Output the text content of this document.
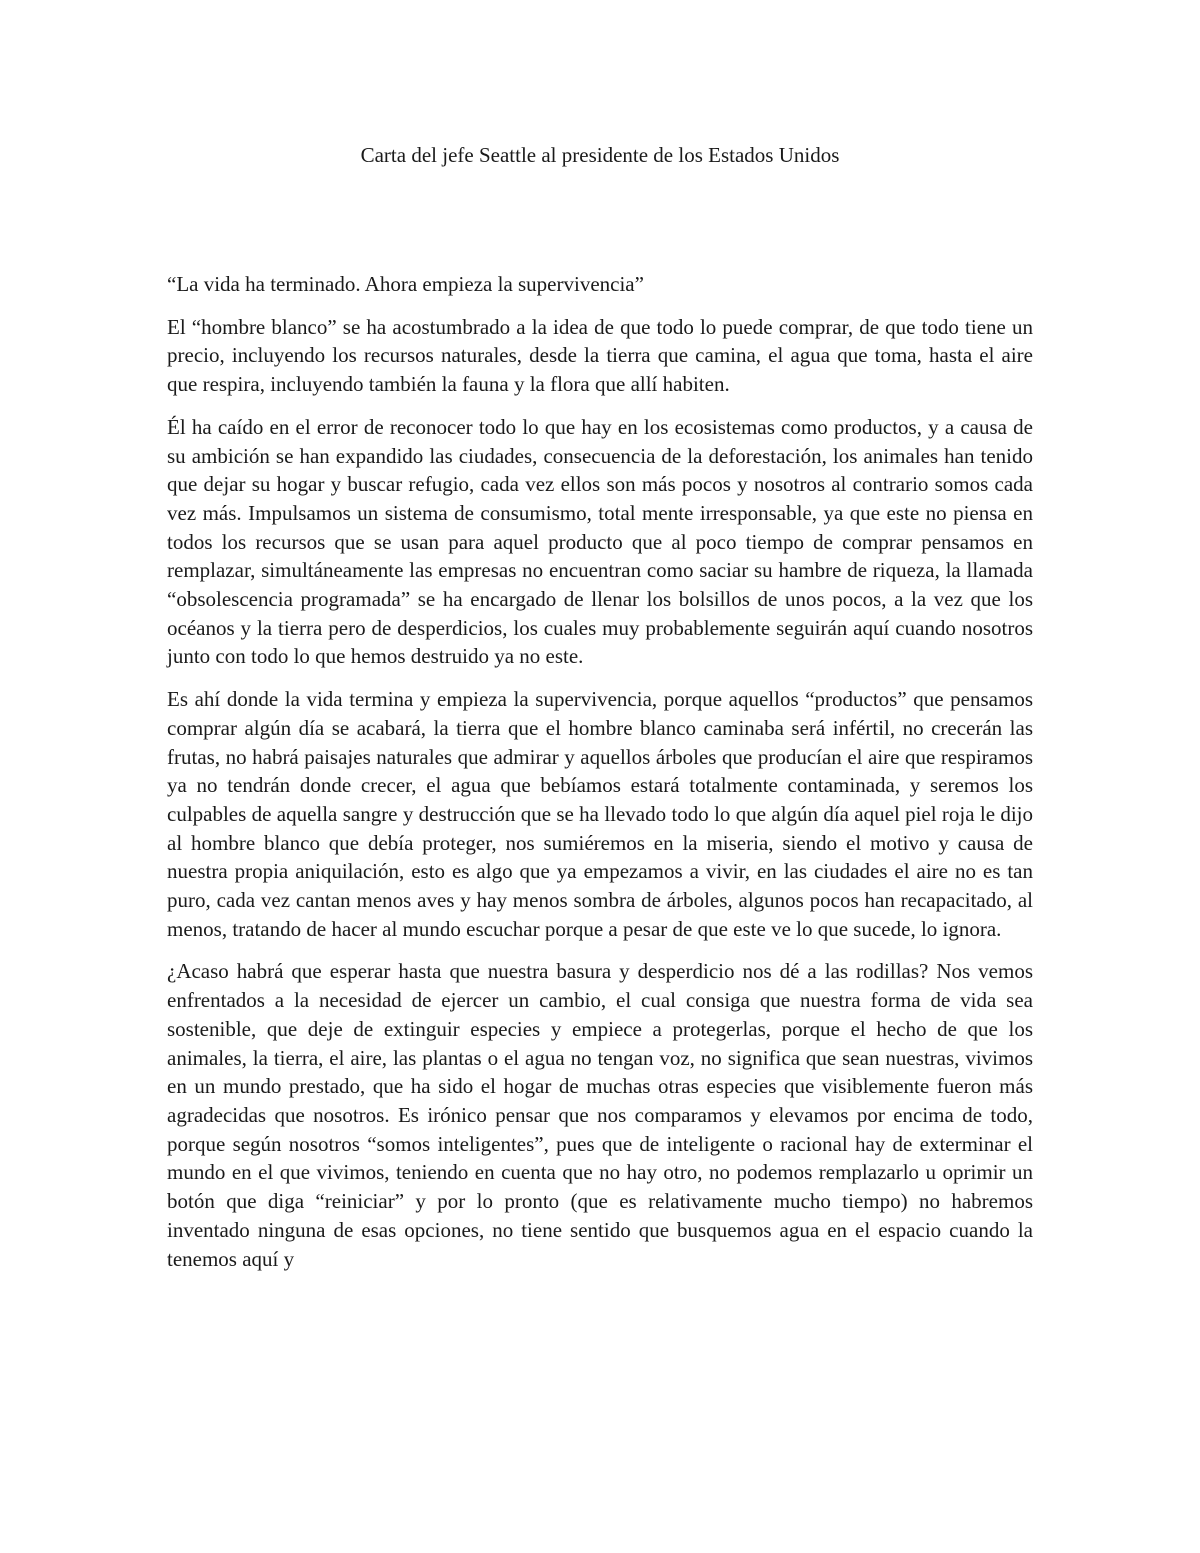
Carta del jefe Seattle al presidente de los Estados Unidos

“La vida ha terminado. Ahora empieza la supervivencia”

El “hombre blanco” se ha acostumbrado a la idea de que todo lo puede comprar, de que todo tiene un precio, incluyendo los recursos naturales, desde la tierra que camina, el agua que toma, hasta el aire que respira, incluyendo también la fauna y la flora que allí habiten.

Él ha caído en el error de reconocer todo lo que hay en los ecosistemas como productos, y a causa de su ambición se han expandido las ciudades, consecuencia de la deforestación, los animales han tenido que dejar su hogar y buscar refugio, cada vez ellos son más pocos y nosotros al contrario somos cada vez más. Impulsamos un sistema de consumismo, total mente irresponsable, ya que este no piensa en todos los recursos que se usan para aquel producto que al poco tiempo de comprar pensamos en remplazar, simultáneamente las empresas no encuentran como saciar su hambre de riqueza, la llamada “obsolescencia programada” se ha encargado de llenar los bolsillos de unos pocos, a la vez que los océanos y la tierra pero de desperdicios, los cuales muy probablemente seguirán aquí cuando nosotros junto con todo lo que hemos destruido ya no este.

Es ahí donde la vida termina y empieza la supervivencia, porque aquellos “productos” que pensamos comprar algún día se acabará, la tierra que el hombre blanco caminaba será infértil, no crecerán las frutas, no habrá paisajes naturales que admirar y aquellos árboles que producían el aire que respiramos ya no tendrán donde crecer, el agua que bebíamos estará totalmente contaminada, y seremos los culpables de aquella sangre y destrucción que se ha llevado todo lo que algún día aquel piel roja le dijo al hombre blanco que debía proteger, nos sumiéremos en la miseria, siendo el motivo y causa de nuestra propia aniquilación, esto es algo que ya empezamos a vivir, en las ciudades el aire no es tan puro, cada vez cantan menos aves y hay menos sombra de árboles, algunos pocos han recapacitado, al menos, tratando de hacer al mundo escuchar porque a pesar de que este ve lo que sucede, lo ignora.

¿Acaso habrá que esperar hasta que nuestra basura y desperdicio nos dé a las rodillas? Nos vemos enfrentados a la necesidad de ejercer un cambio, el cual consiga que nuestra forma de vida sea sostenible, que deje de extinguir especies y empiece a protegerlas, porque el hecho de que los animales, la tierra, el aire, las plantas o el agua no tengan voz, no significa que sean nuestras, vivimos en un mundo prestado, que ha sido el hogar de muchas otras especies que visiblemente fueron más agradecidas que nosotros. Es irónico pensar que nos comparamos y elevamos por encima de todo, porque según nosotros “somos inteligentes”, pues que de inteligente o racional hay de exterminar el mundo en el que vivimos, teniendo en cuenta que no hay otro, no podemos remplazarlo u oprimir un botón que diga “reiniciar” y por lo pronto (que es relativamente mucho tiempo) no habremos inventado ninguna de esas opciones, no tiene sentido que busquemos agua en el espacio cuando la tenemos aquí y
